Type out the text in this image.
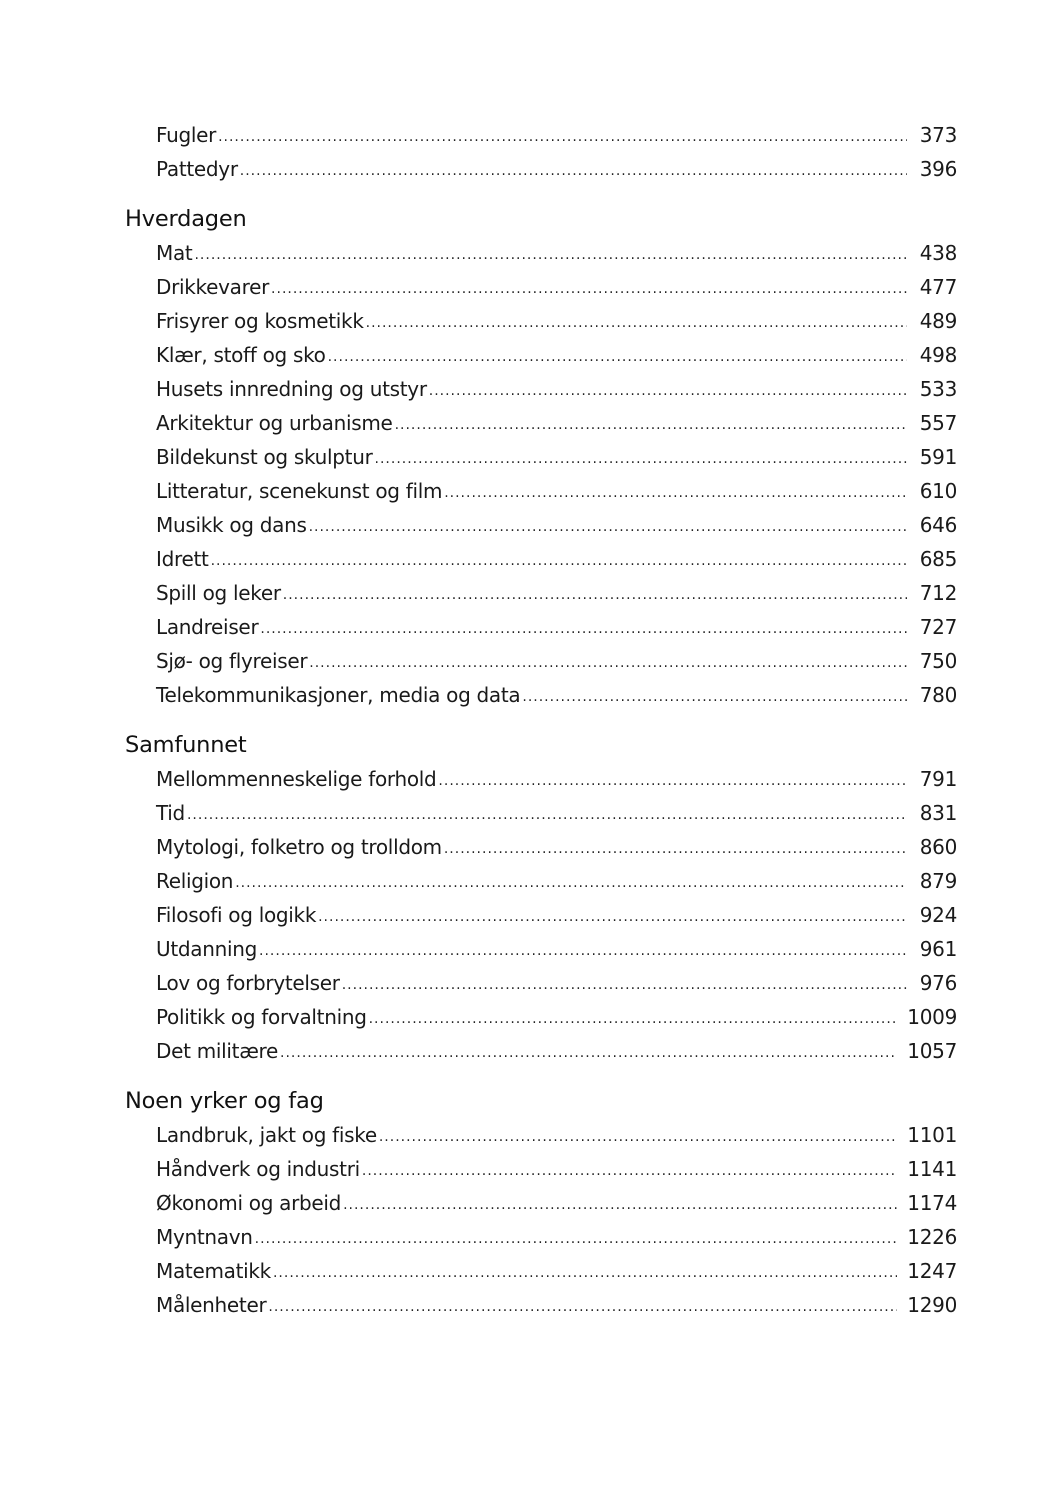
Fugler .....	373
Pattedyr .....	396
Hverdagen
Mat .....	438
Drikkevarer .....	477
Frisyrer og kosmetikk .....	489
Klær, stoff og sko .....	498
Husets innredning og utstyr .....	533
Arkitektur og urbanisme .....	557
Bildekunst og skulptur .....	591
Litteratur, scenekunst og film .....	610
Musikk og dans .....	646
Idrett .....	685
Spill og leker .....	712
Landreiser .....	727
Sjø- og flyreiser .....	750
Telekommunikasjoner, media og data .....	780
Samfunnet
Mellommenneskelige forhold .....	791
Tid .....	831
Mytologi, folketro og trolldom .....	860
Religion .....	879
Filosofi og logikk .....	924
Utdanning .....	961
Lov og forbrytelser .....	976
Politikk og forvaltning .....	1009
Det militære .....	1057
Noen yrker og fag
Landbruk, jakt og fiske .....	1101
Håndverk og industri .....	1141
Økonomi og arbeid .....	1174
Myntnavn .....	1226
Matematikk .....	1247
Målenheter .....	1290
